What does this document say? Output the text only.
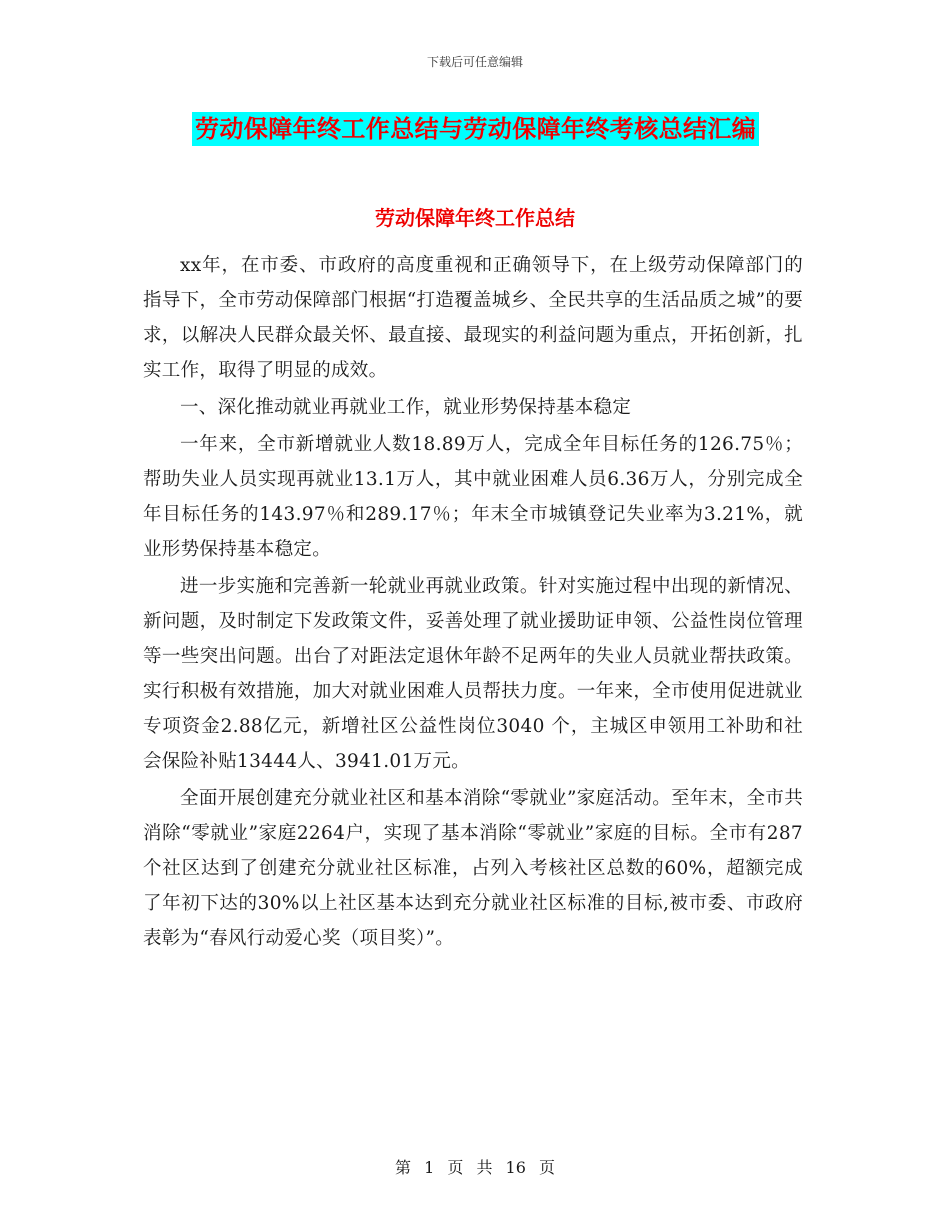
下载后可任意编辑
劳动保障年终工作总结与劳动保障年终考核总结汇编
劳动保障年终工作总结

xx年，在市委、市政府的高度重视和正确领导下，在上级劳动保障部门的指导下，全市劳动保障部门根据“打造覆盖城乡、全民共享的生活品质之城”的要求，以解决人民群众最关怀、最直接、最现实的利益问题为重点，开拓创新，扎实工作，取得了明显的成效。

一、深化推动就业再就业工作，就业形势保持基本稳定

一年来，全市新增就业人数18.89万人，完成全年目标任务的126.75％；帮助失业人员实现再就业13.1万人，其中就业困难人员6.36万人，分别完成全年目标任务的143.97％和289.17％；年末全市城镇登记失业率为3.21%，就业形势保持基本稳定。

进一步实施和完善新一轮就业再就业政策。针对实施过程中出现的新情况、新问题，及时制定下发政策文件，妥善处理了就业援助证申领、公益性岗位管理等一些突出问题。出台了对距法定退休年龄不足两年的失业人员就业帮扶政策。实行积极有效措施，加大对就业困难人员帮扶力度。一年来，全市使用促进就业专项资金2.88亿元，新增社区公益性岗位3040 个，主城区申领用工补助和社会保险补贴13444人、3941.01万元。

全面开展创建充分就业社区和基本消除“零就业”家庭活动。至年末，全市共消除“零就业”家庭2264户，实现了基本消除“零就业”家庭的目标。全市有287个社区达到了创建充分就业社区标准，占列入考核社区总数的60%，超额完成了年初下达的30%以上社区基本达到充分就业社区标准的目标,被市委、市政府表彰为“春风行动爱心奖（项目奖）”。

第 1 页 共 16 页
